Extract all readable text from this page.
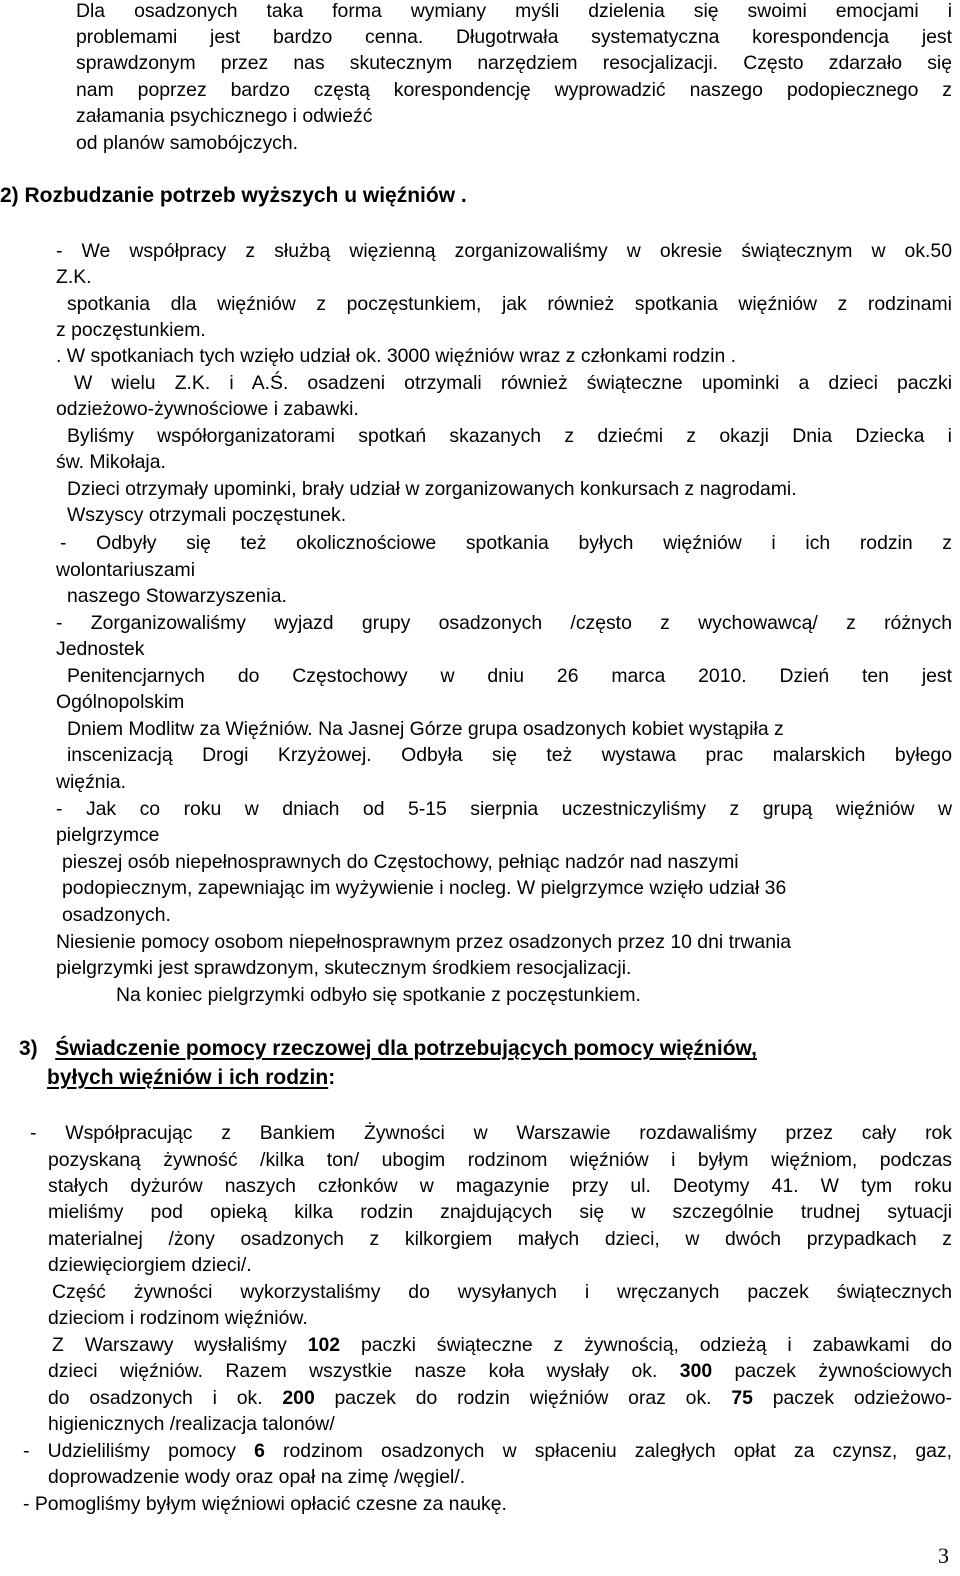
Dla osadzonych taka forma wymiany myśli dzielenia się swoimi emocjami i
problemami jest bardzo cenna. Długotrwała systematyczna korespondencja jest
sprawdzonym przez nas skutecznym narzędziem resocjalizacji. Często zdarzało się
nam poprzez bardzo częstą korespondencję wyprowadzić naszego podopiecznego z
załamania psychicznego i odwieźć
od planów samobójczych.
2) Rozbudzanie potrzeb wyższych u więźniów .
- We współpracy z służbą więzienną zorganizowaliśmy w okresie świątecznym w ok.50
Z.K.
spotkania dla więźniów z poczęstunkiem, jak również spotkania więźniów z rodzinami
z poczęstunkiem.
. W spotkaniach tych wzięło udział ok. 3000 więźniów wraz z członkami rodzin .
W wielu Z.K. i A.Ś. osadzeni otrzymali również świąteczne upominki a dzieci paczki
odzieżowo-żywnościowe i zabawki.
Byliśmy współorganizatorami spotkań skazanych z dziećmi z okazji Dnia Dziecka i
św. Mikołaja.
Dzieci otrzymały upominki, brały udział w zorganizowanych konkursach z nagrodami.
Wszyscy otrzymali poczęstunek.
- Odbyły się też okolicznościowe spotkania byłych więźniów i ich rodzin z
wolontariuszami
naszego Stowarzyszenia.
- Zorganizowaliśmy wyjazd grupy osadzonych /często z wychowawcą/ z różnych
Jednostek
Penitencjarnych do Częstochowy w dniu 26 marca 2010. Dzień ten jest
Ogólnopolskim
Dniem Modlitw za Więźniów. Na Jasnej Górze grupa osadzonych kobiet wystąpiła z
inscenizacją Drogi Krzyżowej. Odbyła się też wystawa prac malarskich byłego
więźnia.
- Jak co roku w dniach od 5-15 sierpnia uczestniczyliśmy z grupą więźniów w
pielgrzymce
pieszej osób niepełnosprawnych do Częstochowy, pełniąc nadzór nad naszymi
podopiecznym, zapewniając im wyżywienie i nocleg. W pielgrzymce wzięło udział 36
osadzonych.
Niesienie pomocy osobom niepełnosprawnym przez osadzonych przez 10 dni trwania
pielgrzymki jest sprawdzonym, skutecznym środkiem resocjalizacji.
Na koniec pielgrzymki odbyło się spotkanie z poczęstunkiem.
3) Świadczenie pomocy rzeczowej dla potrzebujących pomocy więźniów,
byłych więźniów i ich rodzin:
- Współpracując z Bankiem Żywności w Warszawie rozdawaliśmy przez cały rok
pozyskaną żywność /kilka ton/ ubogim rodzinom więźniów i byłym więźniom, podczas
stałych dyżurów naszych członków w magazynie przy ul. Deotymy 41. W tym roku
mieliśmy pod opieką kilka rodzin znajdujących się w szczególnie trudnej sytuacji
materialnej /żony osadzonych z kilkorgiem małych dzieci, w dwóch przypadkach z
dziewięciorgiem dzieci/.
Część żywności wykorzystaliśmy do wysyłanych i wręczanych paczek świątecznych
dzieciom i rodzinom więźniów.
Z Warszawy wysłaliśmy 102 paczki świąteczne z żywnością, odzieżą i zabawkami do
dzieci więźniów. Razem wszystkie nasze koła wysłały ok. 300 paczek żywnościowych
do osadzonych i ok. 200 paczek do rodzin więźniów oraz ok. 75 paczek odzieżowo-
higienicznych /realizacja talonów/
- Udzieliliśmy pomocy 6 rodzinom osadzonych w spłaceniu zaległych opłat za czynsz, gaz,
doprowadzenie wody oraz opał na zimę /węgiel/.
- Pomogliśmy byłym więźniowi opłacić czesne za naukę.
3
